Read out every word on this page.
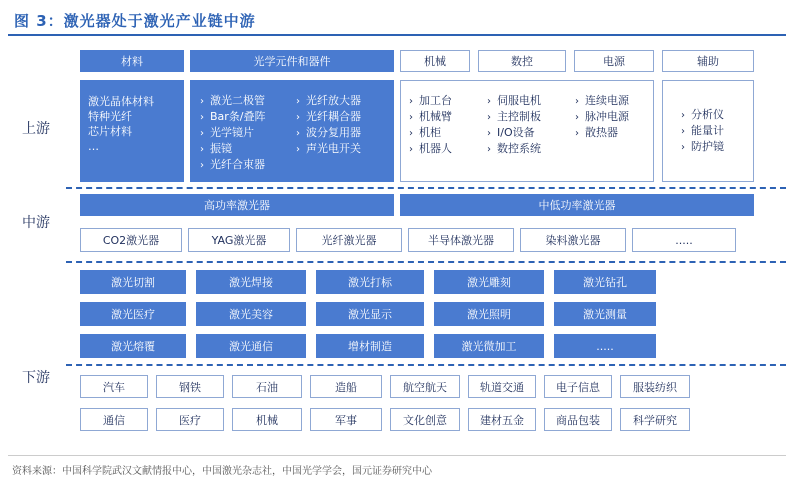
图 3：激光器处于激光产业链中游
上游
中游
下游
材料	光学元件和器件	机械	数控	电源	辅助
激光晶体材料
特种光纤
芯片材料
…
› 激光二极管
› Bar条/叠阵
› 光学镜片
› 振镜
› 光纤合束器
› 光纤放大器
› 光纤耦合器
› 波分复用器
› 声光电开关
› 加工台
› 机械臂
› 机柜
› 机器人
› 伺服电机
› 主控制板
› I/O设备
› 数控系统
› 连续电源
› 脉冲电源
› 散热器
› 分析仪
› 能量计
› 防护镜
高功率激光器	中低功率激光器
CO2激光器	YAG激光器	光纤激光器	半导体激光器	染料激光器	.....
激光切割	激光焊接	激光打标	激光雕刻	激光钻孔
激光医疗	激光美容	激光显示	激光照明	激光测量
激光熔覆	激光通信	增材制造	激光微加工	.....
汽车	钢铁	石油	造船	航空航天	轨道交通	电子信息	服装纺织
通信	医疗	机械	军事	文化创意	建材五金	商品包装	科学研究
资料来源：中国科学院武汉文献情报中心，中国激光杂志社，中国光学学会，国元证券研究中心
